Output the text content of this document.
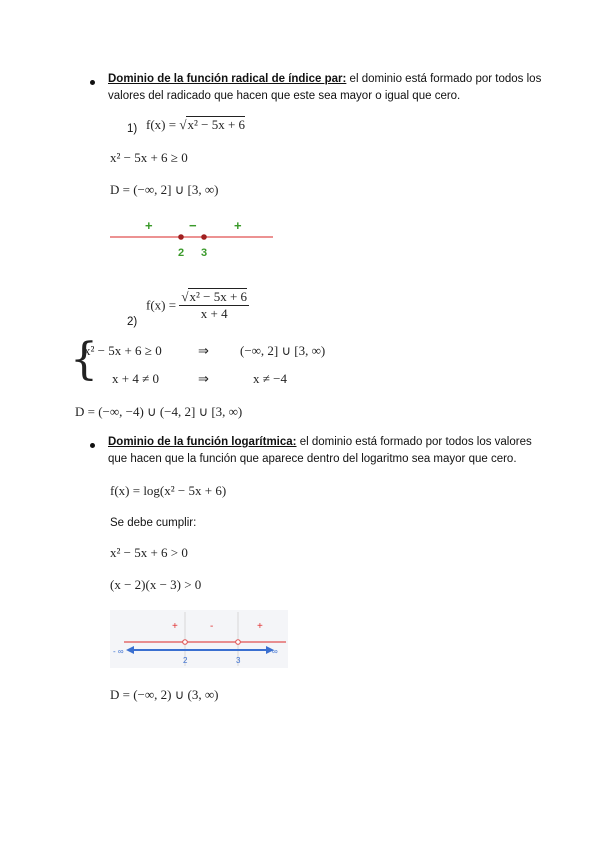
Dominio de la función radical de índice par: el dominio está formado por todos los
valores del radicado que hacen que este sea mayor o igual que cero.
1) f(x) = √x² − 5x + 6
x² − 5x + 6 ≥ 0
D = (−∞, 2] ∪ [3, ∞)
+	−	+
2 3
2)
$f(x) = \frac{\text{√x² − 5x + 6}}{x + 4}$
{
x² − 5x + 6 ≥ 0	⇒ (−∞, 2] ∪ [3, ∞)
x + 4 ≠ 0	⇒	x ≠ −4
D = (−∞, −4) ∪ (−4, 2] ∪ [3, ∞)
Dominio de la función logarítmica: el dominio está formado por todos los valores
que hacen que la función que aparece dentro del logaritmo sea mayor que cero.
f(x) = log(x² − 5x + 6)
Se debe cumplir:
x² − 5x + 6 > 0
(x − 2)(x − 3) > 0
+	-	+
- ∞	∞
2	3
D = (−∞, 2) ∪ (3, ∞)
